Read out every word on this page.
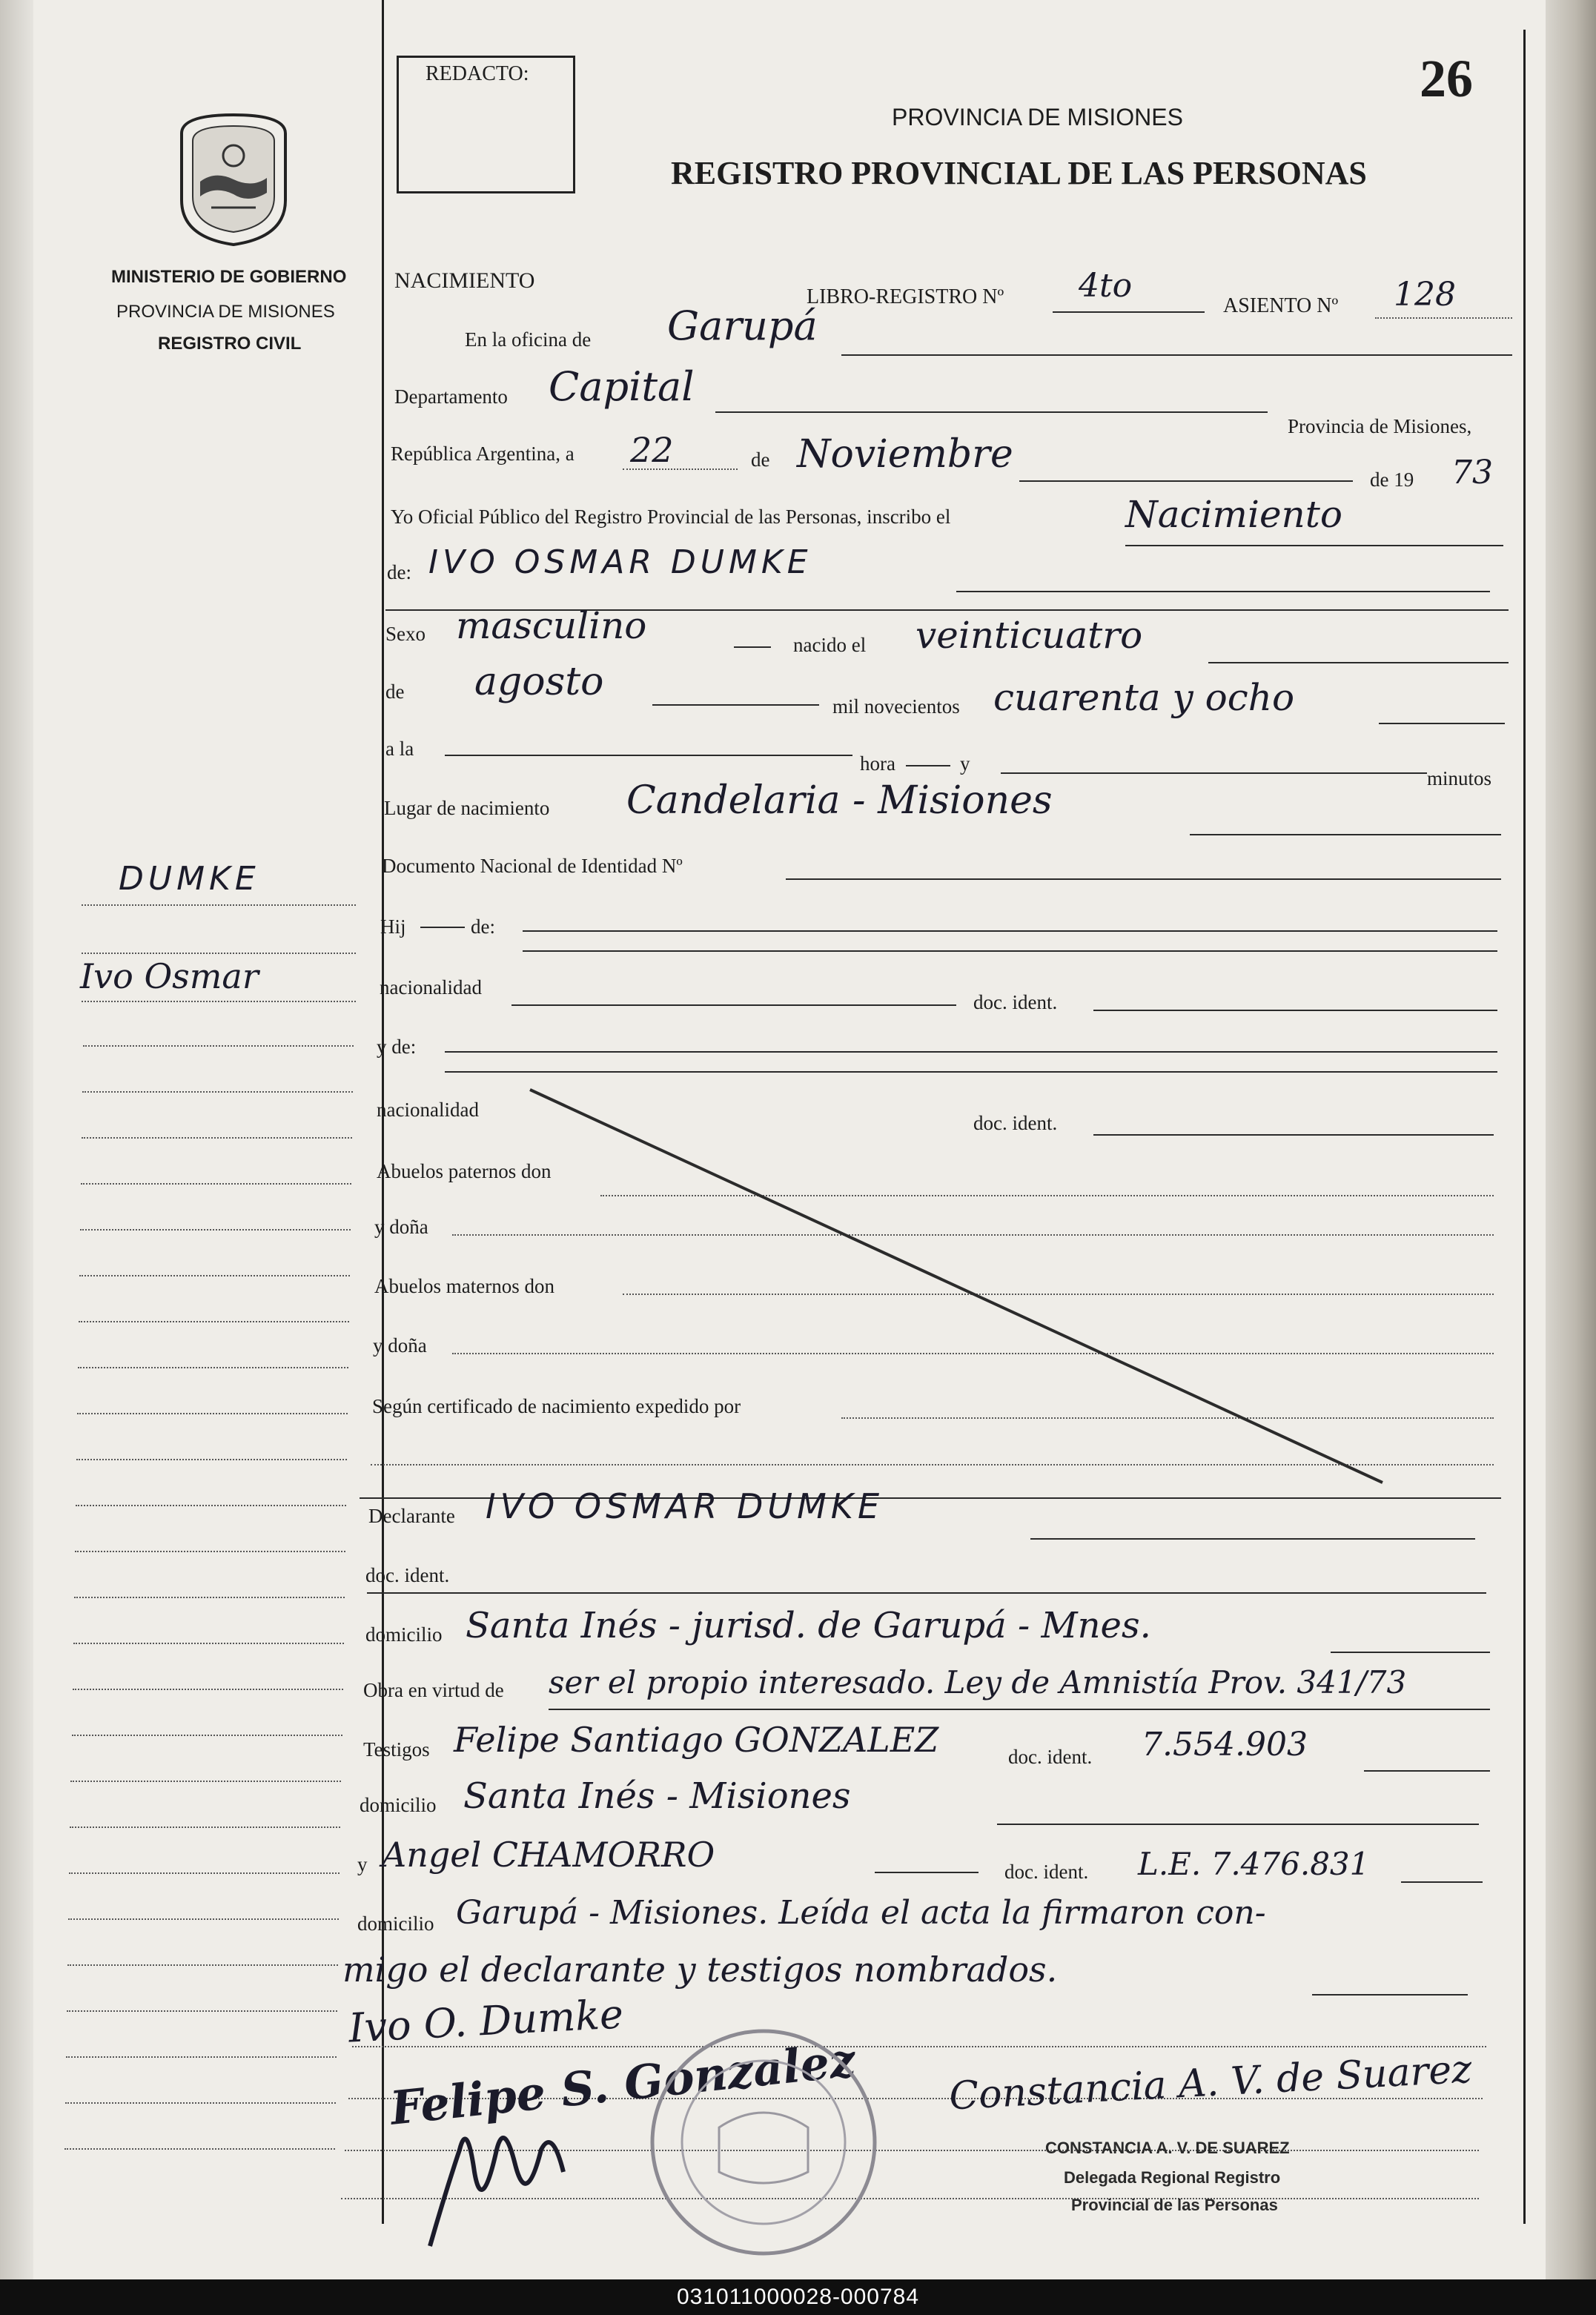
MINISTERIO DE GOBIERNO
PROVINCIA DE MISIONES
REGISTRO CIVIL
DUMKE
Ivo Osmar
REDACTO:	26
PROVINCIA DE MISIONES
REGISTRO PROVINCIAL DE LAS PERSONAS
NACIMIENTO
LIBRO-REGISTRO Nº 4to
ASIENTO Nº 128
En la oficina de Garupá
Departamento Capital
Provincia de Misiones,
República Argentina, a 22	de Noviembre
de 19 73
Yo Oficial Público del Registro Provincial de las Personas, inscribo el	Nacimiento
de: IVO OSMAR DUMKE
Sexo masculino	nacido el veinticuatro
de agosto
mil novecientos cuarenta y ocho
a la
hora	y
minutos
Lugar de nacimiento Candelaria - Misiones
Documento Nacional de Identidad Nº
Hij	de:
nacionalidad
doc. ident.
y de:
nacionalidad
doc. ident.
Abuelos paternos don
y doña
Abuelos maternos don
y doña
Según certificado de nacimiento expedido por
Declarante IVO OSMAR DUMKE
doc. ident.
domicilio Santa Inés - jurisd. de Garupá - Mnes.
Obra en virtud de ser el propio interesado. Ley de Amnistía Prov. 341/73
Testigos Felipe Santiago GONZALEZ	doc. ident. 7.554.903
domicilio Santa Inés - Misiones
y Angel CHAMORRO	doc. ident. L.E. 7.476.831
domicilio Garupá - Misiones. Leída el acta la firmaron con-
migo el declarante y testigos nombrados.
Ivo O. Dumke
Felipe S. Gonzalez Constancia A. V. de Suarez
CONSTANCIA A. V. DE SUAREZ
Delegada Regional Registro
Provincial de las Personas
031011000028-000784
